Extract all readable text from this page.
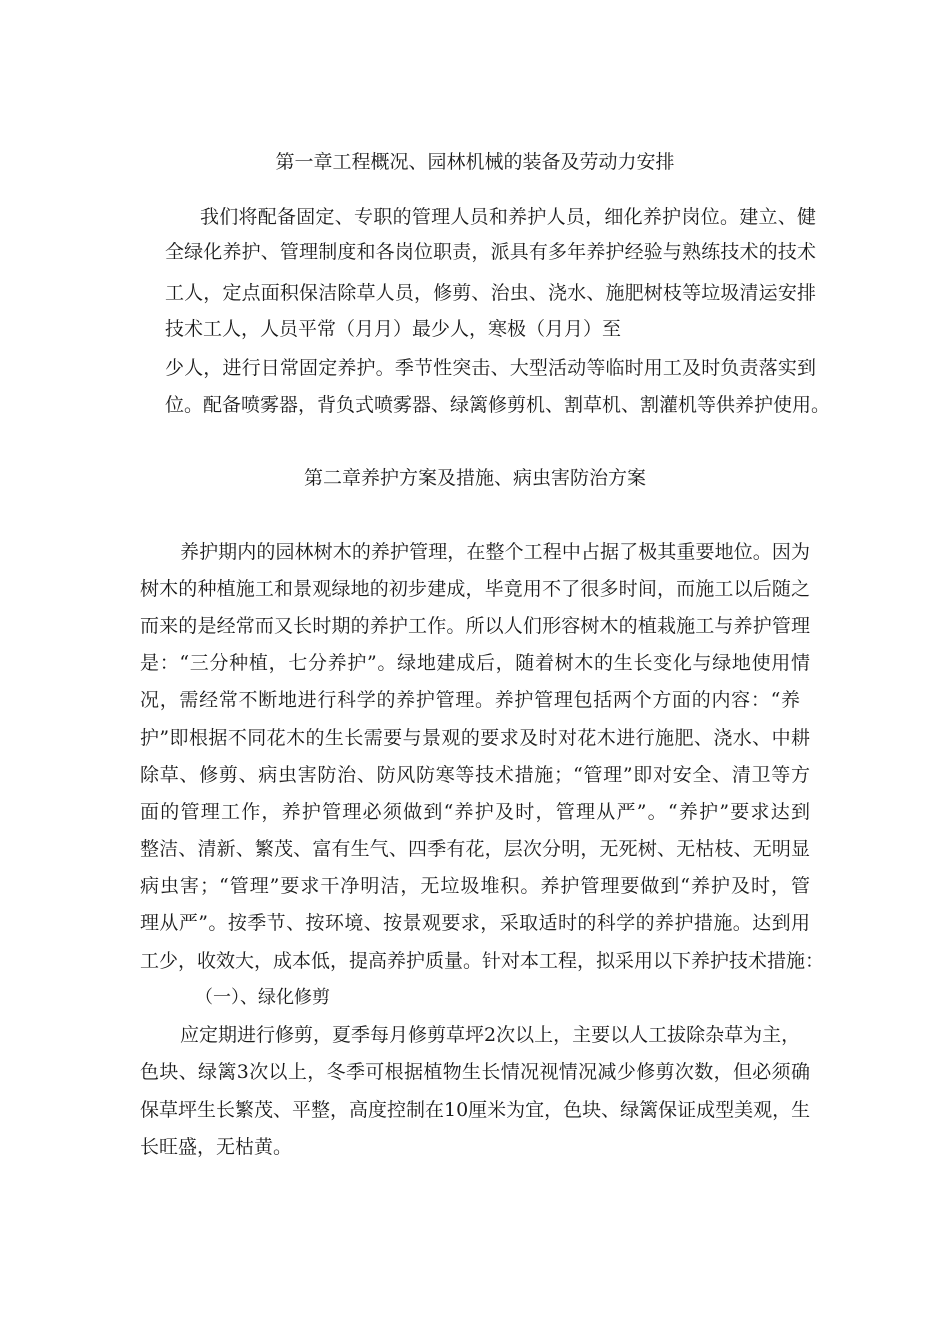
第一章工程概况、园林机械的装备及劳动力安排
我们将配备固定、专职的管理人员和养护人员，细化养护岗位。建立、健
全绿化养护、管理制度和各岗位职责，派具有多年养护经验与熟练技术的技术
工人，定点面积保洁除草人员，修剪、治虫、浇水、施肥树枝等垃圾清运安排
技术工人，人员平常（月月）最少人，寒极（月月）至
少人，进行日常固定养护。季节性突击、大型活动等临时用工及时负责落实到
位。配备喷雾器，背负式喷雾器、绿篱修剪机、割草机、割灌机等供养护使用。
第二章养护方案及措施、病虫害防治方案
养护期内的园林树木的养护管理，在整个工程中占据了极其重要地位。因为
树木的种植施工和景观绿地的初步建成，毕竟用不了很多时间，而施工以后随之
而来的是经常而又长时期的养护工作。所以人们形容树木的植栽施工与养护管理
是：“三分种植，七分养护”。绿地建成后，随着树木的生长变化与绿地使用情
况，需经常不断地进行科学的养护管理。养护管理包括两个方面的内容：“养
护”即根据不同花木的生长需要与景观的要求及时对花木进行施肥、浇水、中耕
除草、修剪、病虫害防治、防风防寒等技术措施；“管理”即对安全、清卫等方
面的管理工作，养护管理必须做到“养护及时，管理从严”。“养护”要求达到
整洁、清新、繁茂、富有生气、四季有花，层次分明，无死树、无枯枝、无明显
病虫害；“管理”要求干净明洁，无垃圾堆积。养护管理要做到“养护及时，管
理从严”。按季节、按环境、按景观要求，采取适时的科学的养护措施。达到用
工少，收效大，成本低，提高养护质量。针对本工程，拟采用以下养护技术措施：
（一）、绿化修剪
应定期进行修剪，夏季每月修剪草坪2次以上，主要以人工拔除杂草为主，
色块、绿篱3次以上，冬季可根据植物生长情况视情况减少修剪次数，但必须确
保草坪生长繁茂、平整，高度控制在10厘米为宜，色块、绿篱保证成型美观，生
长旺盛，无枯黄。
